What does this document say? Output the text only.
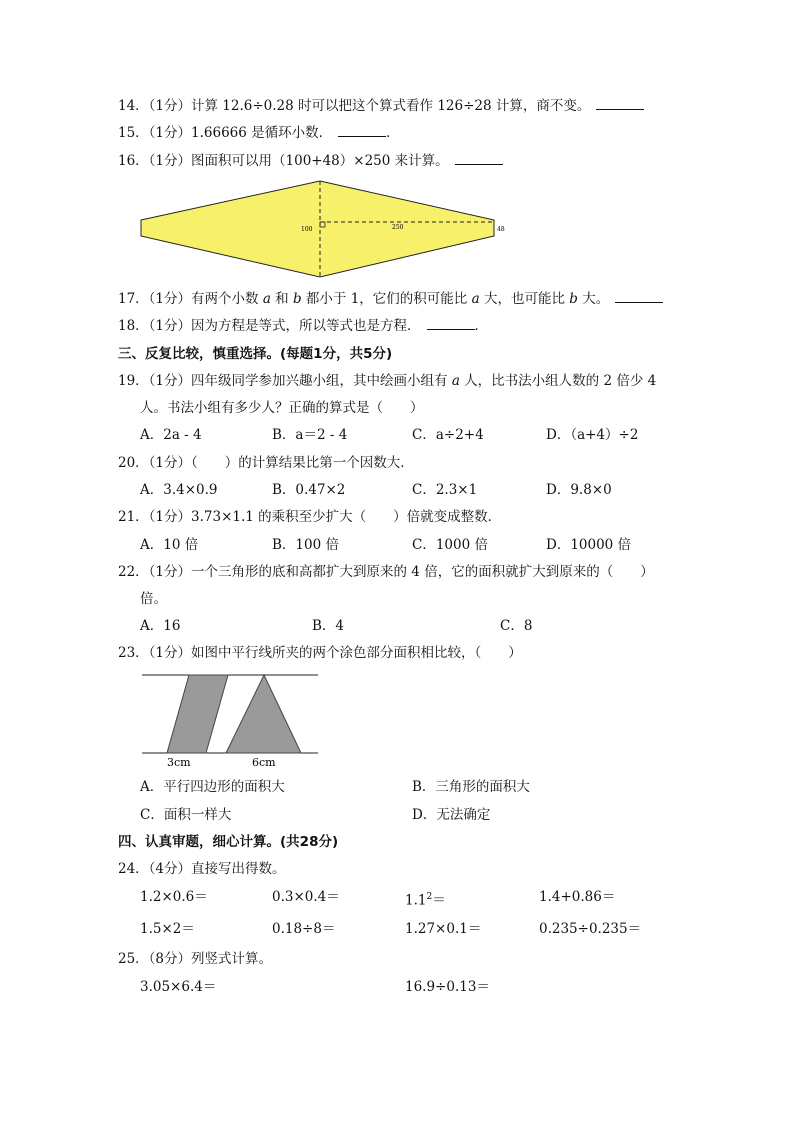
14．（1分）计算 12.6÷0.28 时可以把这个算式看作 126÷28 计算，商不变。
15．（1分）1.66666 是循环小数．	．
16．（1分）图面积可以用（100+48）×250 来计算。
100	250	48
17．（1分）有两个小数 a 和 b 都小于 1，它们的积可能比 a 大，也可能比 b 大。
18．（1分）因为方程是等式，所以等式也是方程．	．
三、反复比较，慎重选择。(每题1分，共5分)
19．（1分）四年级同学参加兴趣小组，其中绘画小组有 a 人，比书法小组人数的 2 倍少 4
人。书法小组有多少人？正确的算式是（　　）
A．2a - 4	B．a＝2 - 4	C．a÷2+4	D．（a+4）÷2
20．（1分）（　　）的计算结果比第一个因数大．
A．3.4×0.9	B．0.47×2	C．2.3×1	D．9.8×0
21．（1分）3.73×1.1 的乘积至少扩大（　　）倍就变成整数．
A．10 倍	B．100 倍	C．1000 倍	D．10000 倍
22．（1分）一个三角形的底和高都扩大到原来的 4 倍，它的面积就扩大到原来的（　　）
倍。
A．16	B．4	C．8
23．（1分）如图中平行线所夹的两个涂色部分面积相比较，（　　）
3cm	6cm
A．平行四边形的面积大	B．三角形的面积大
C．面积一样大	D．无法确定
四、认真审题，细心计算。(共28分)
24．（4分）直接写出得数。
1.2×0.6＝	0.3×0.4＝	$1.1^2=$	1.4+0.86＝
1.5×2＝	0.18÷8＝	1.27×0.1＝	0.235÷0.235＝
25．（8分）列竖式计算。
3.05×6.4＝	16.9÷0.13＝
